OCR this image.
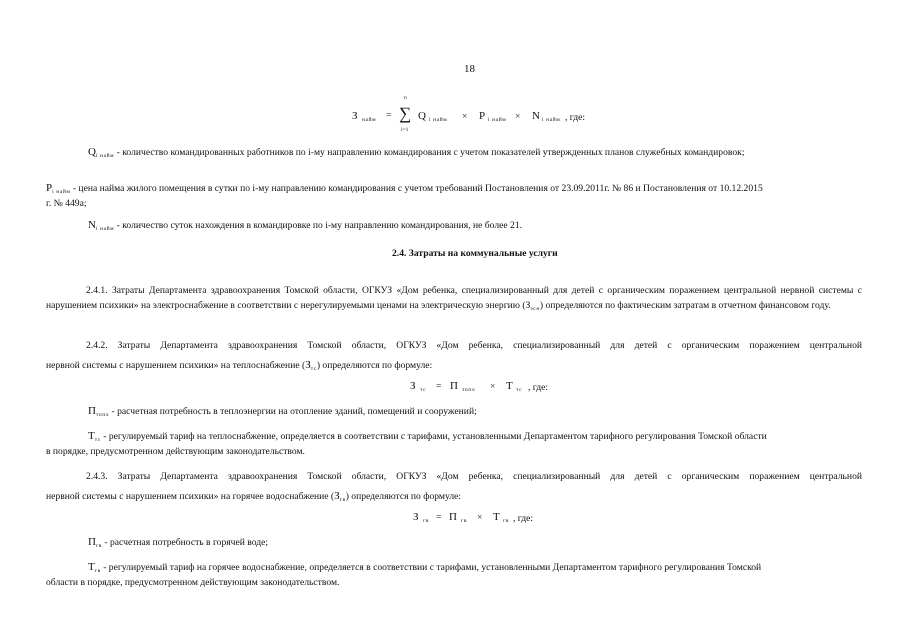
18
З найм =
n
∑
i=1
Q i найм × P i найм × N i найм , где:
$Q_{i найм}$ - количество командированных работников по i-му направлению командирования с учетом показателей утвержденных планов служебных командировок;
$P_{i найм}$ - цена найма жилого помещения в сутки по i-му направлению командирования с учетом требований Постановления от 23.09.2011г. № 86 и Постановления от 10.12.2015
г. № 449а;
$N_{i найм}$ - количество суток нахождения в командировке по i-му направлению командирования, не более 21.
2.4. Затраты на коммунальные услуги
2.4.1. Затраты Департамента здравоохранения Томской области, ОГКУЗ «Дом ребенка, специализированный для детей с органическим поражением центральной нервной системы с нарушением психики» на электроснабжение в соответствии с нерегулируемыми ценами на электрическую энергию $(З_{эсн})$ определяются по фактическим затратам в отчетном финансовом году.
2.4.2. Затраты Департамента здравоохранения Томской области, ОГКУЗ «Дом ребенка, специализированный для детей с органическим поражением центральной
нервной системы с нарушением психики» на теплоснабжение $(З_{тс})$ определяются по формуле:
З тс = П топл × Т тс , где:
$П_{топл}$ - расчетная потребность в теплоэнергии на отопление зданий, помещений и сооружений;
$Т_{тс}$ - регулируемый тариф на теплоснабжение, определяется в соответствии с тарифами, установленными Департаментом тарифного регулирования Томской области
в порядке, предусмотренном действующим законодательством.
2.4.3. Затраты Департамента здравоохранения Томской области, ОГКУЗ «Дом ребенка, специализированный для детей с органическим поражением центральной
нервной системы с нарушением психики» на горячее водоснабжение $(З_{гв})$ определяются по формуле:
З гв = П гв × Т гв , где:
$П_{гв}$ - расчетная потребность в горячей воде;
$Т_{гв}$ - регулируемый тариф на горячее водоснабжение, определяется в соответствии с тарифами, установленными Департаментом тарифного регулирования Томской
области в порядке, предусмотренном действующим законодательством.
